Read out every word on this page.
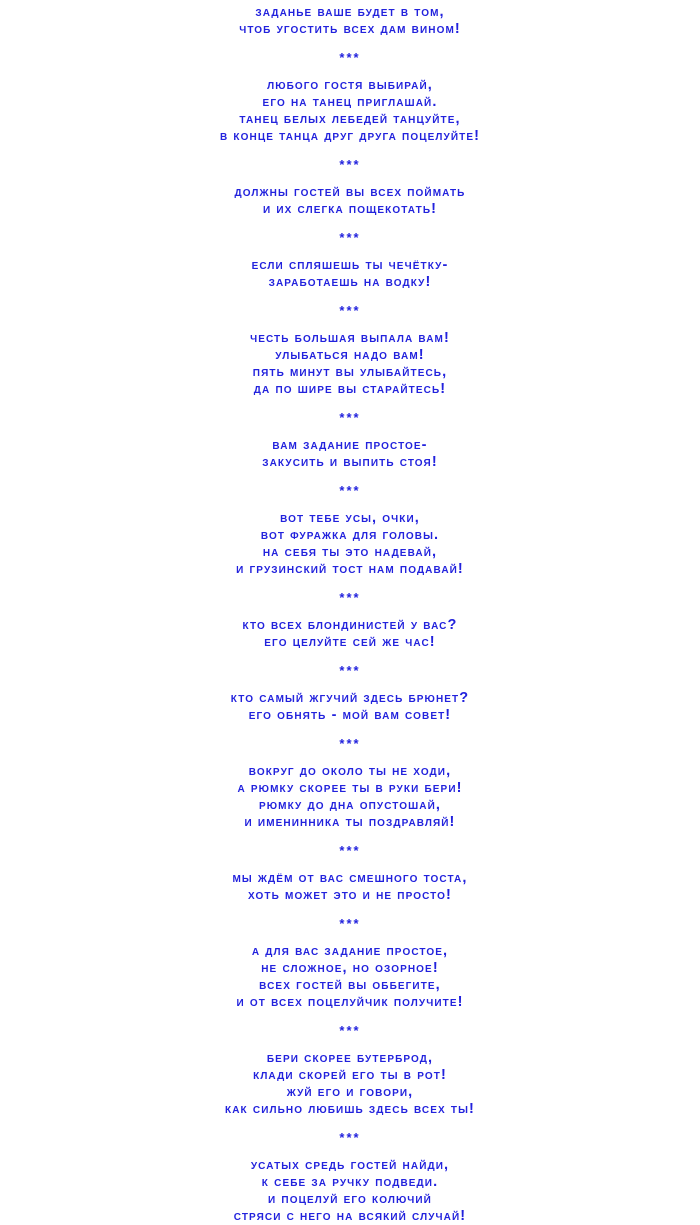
заданье ваше будет в том,
чтоб угостить всех дам вином!
***
любого гостя выбирай,
его на танец приглашай.
танец белых лебедей танцуйте,
в конце танца друг друга поцелуйте!
***
должны гостей вы всех поймать
и их слегка пощекотать!
***
если спляшешь ты чечётку-
заработаешь на водку!
***
честь большая выпала вам!
улыбаться надо вам!
пять минут вы улыбайтесь,
да по шире вы старайтесь!
***
вам задание простое-
закусить и выпить стоя!
***
вот тебе усы, очки,
вот фуражка для головы.
на себя ты это надевай,
и грузинский тост нам подавай!
***
кто всех блондинистей у вас?
его целуйте сей же час!
***
кто самый жгучий здесь брюнет?
его обнять - мой вам совет!
***
вокруг до около ты не ходи,
а рюмку скорее ты в руки бери!
рюмку до дна опустошай,
и именинника ты поздравляй!
***
мы ждём от вас смешного тоста,
хоть может это и не просто!
***
а для вас задание простое,
не сложное, но озорное!
всех гостей вы оббегите,
и от всех поцелуйчик получите!
***
бери скорее бутерброд,
клади скорей его ты в рот!
жуй его и говори,
как сильно любишь здесь всех ты!
***
усатых средь гостей найди,
к себе за ручку подведи.
и поцелуй его колючий
стряси с него на всякий случай!
